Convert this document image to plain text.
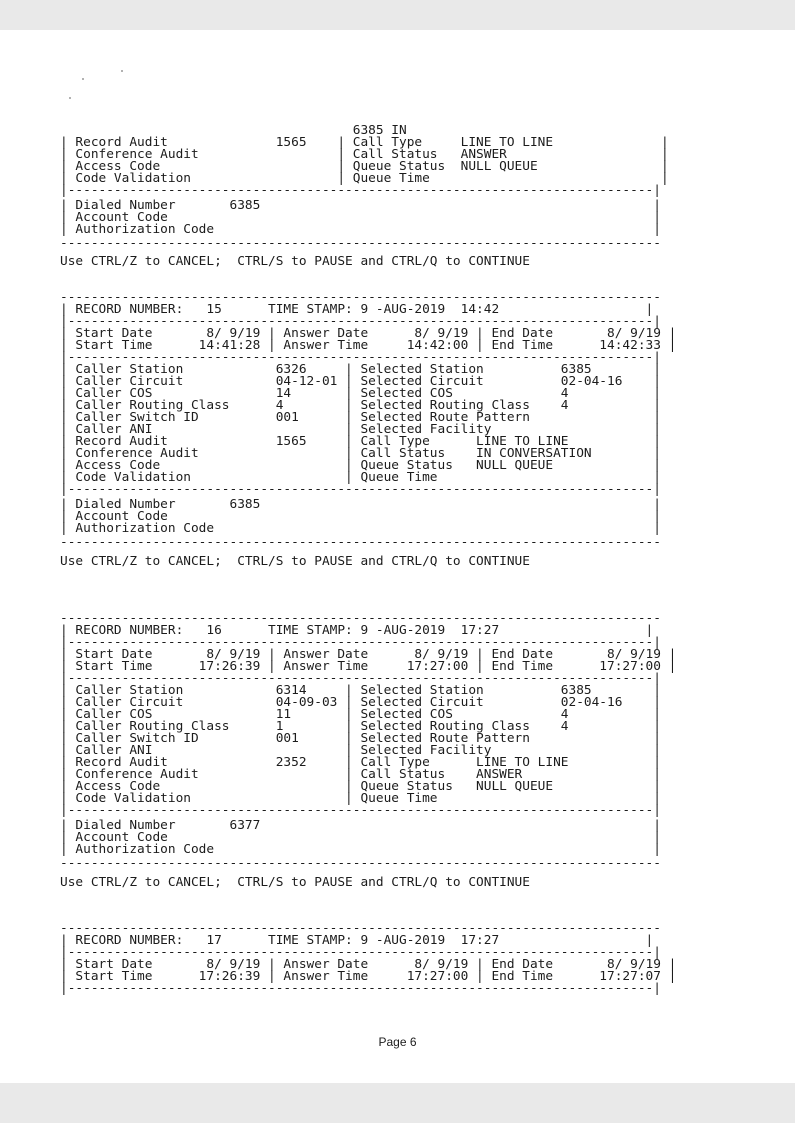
6385 IN
| Record Audit              1565    | Call Type     LINE TO LINE              |
| Conference Audit                  | Call Status   ANSWER                    |
| Access Code                       | Queue Status  NULL QUEUE                |
| Code Validation                   | Queue Time                              |
|----------------------------------------------------------------------------|
| Dialed Number       6385                                                   |
| Account Code                                                               |
| Authorization Code                                                         |
------------------------------------------------------------------------------
------------------------------------------------------------------------------
| RECORD NUMBER:   15      TIME STAMP: 9 -AUG-2019  14:42                   |
|----------------------------------------------------------------------------|
| Start Date       8/ 9/19 | Answer Date      8/ 9/19 | End Date       8/ 9/19 |
| Start Time      14:41:28 | Answer Time     14:42:00 | End Time      14:42:33 |
|----------------------------------------------------------------------------|
| Caller Station            6326     | Selected Station          6385        |
| Caller Circuit            04-12-01 | Selected Circuit          02-04-16    |
| Caller COS                14       | Selected COS              4           |
| Caller Routing Class      4        | Selected Routing Class    4           |
| Caller Switch ID          001      | Selected Route Pattern                |
| Caller ANI                         | Selected Facility                     |
| Record Audit              1565     | Call Type      LINE TO LINE           |
| Conference Audit                   | Call Status    IN CONVERSATION        |
| Access Code                        | Queue Status   NULL QUEUE             |
| Code Validation                    | Queue Time                            |
|----------------------------------------------------------------------------|
| Dialed Number       6385                                                   |
| Account Code                                                               |
| Authorization Code                                                         |
------------------------------------------------------------------------------
------------------------------------------------------------------------------
| RECORD NUMBER:   16      TIME STAMP: 9 -AUG-2019  17:27                   |
|----------------------------------------------------------------------------|
| Start Date       8/ 9/19 | Answer Date      8/ 9/19 | End Date       8/ 9/19 |
| Start Time      17:26:39 | Answer Time     17:27:00 | End Time      17:27:00 |
|----------------------------------------------------------------------------|
| Caller Station            6314     | Selected Station          6385        |
| Caller Circuit            04-09-03 | Selected Circuit          02-04-16    |
| Caller COS                11       | Selected COS              4           |
| Caller Routing Class      1        | Selected Routing Class    4           |
| Caller Switch ID          001      | Selected Route Pattern                |
| Caller ANI                         | Selected Facility                     |
| Record Audit              2352     | Call Type      LINE TO LINE           |
| Conference Audit                   | Call Status    ANSWER                 |
| Access Code                        | Queue Status   NULL QUEUE             |
| Code Validation                    | Queue Time                            |
|----------------------------------------------------------------------------|
| Dialed Number       6377                                                   |
| Account Code                                                               |
| Authorization Code                                                         |
------------------------------------------------------------------------------
------------------------------------------------------------------------------
| RECORD NUMBER:   17      TIME STAMP: 9 -AUG-2019  17:27                   |
|----------------------------------------------------------------------------|
| Start Date       8/ 9/19 | Answer Date      8/ 9/19 | End Date       8/ 9/19 |
| Start Time      17:26:39 | Answer Time     17:27:00 | End Time      17:27:07 |
|----------------------------------------------------------------------------|
Use CTRL/Z to CANCEL;  CTRL/S to PAUSE and CTRL/Q to CONTINUE
Use CTRL/Z to CANCEL;  CTRL/S to PAUSE and CTRL/Q to CONTINUE
Use CTRL/Z to CANCEL;  CTRL/S to PAUSE and CTRL/Q to CONTINUE

Page 6
